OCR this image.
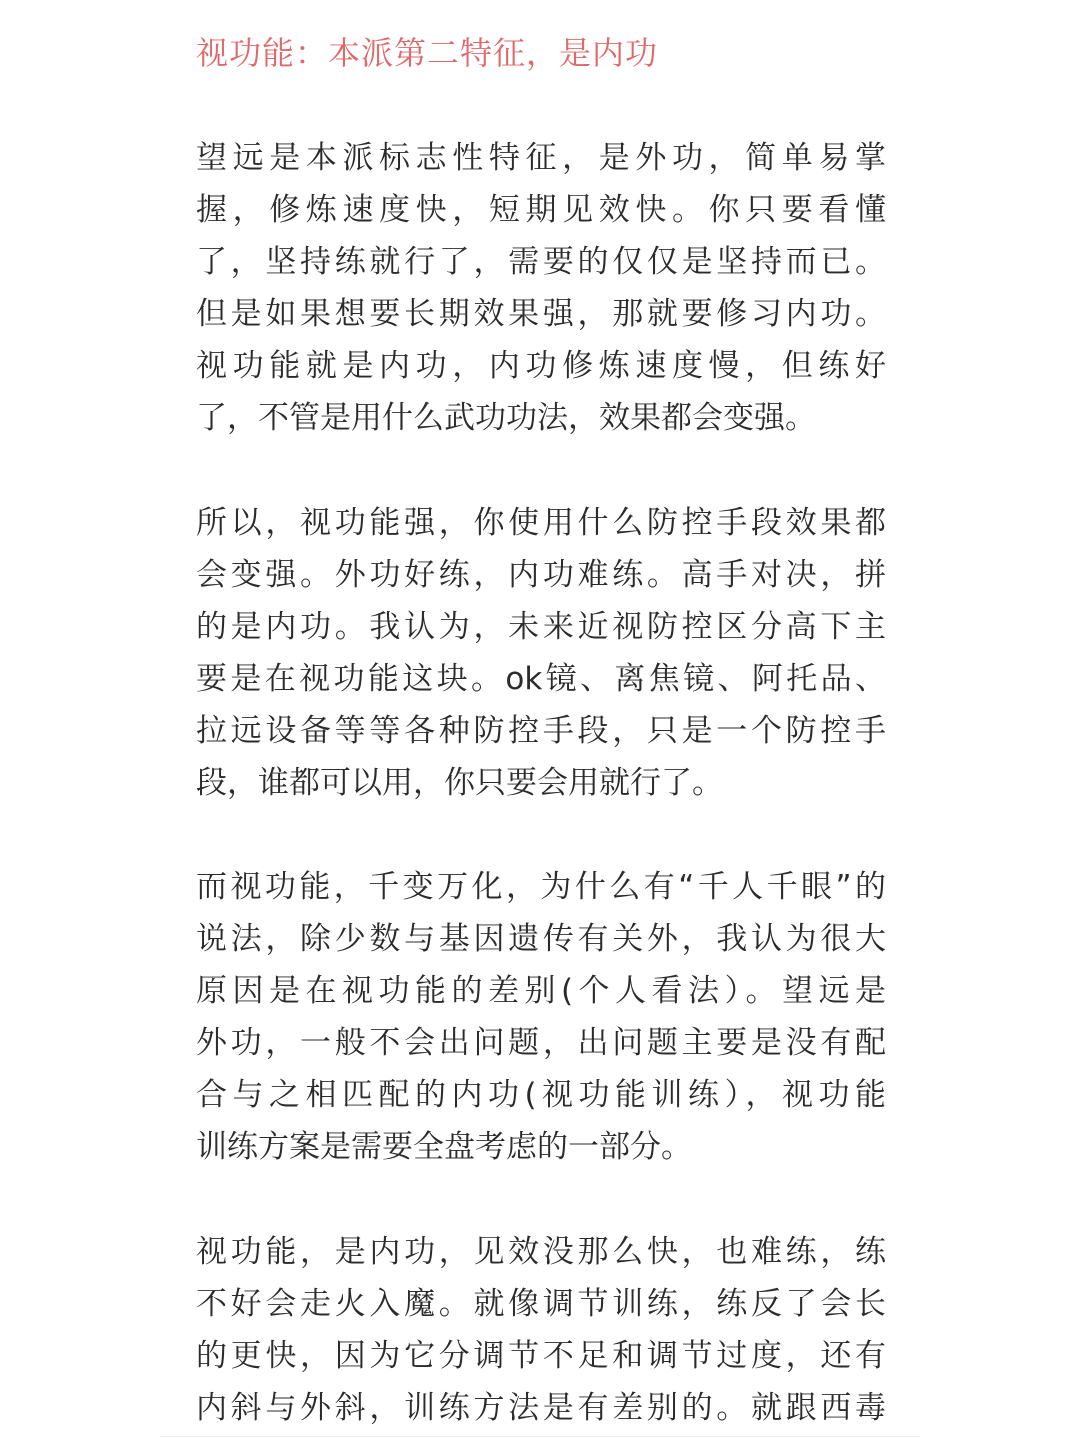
视功能：本派第二特征，是内功

望远是本派标志性特征，是外功，简单易掌
握，修炼速度快，短期见效快。你只要看懂
了，坚持练就行了，需要的仅仅是坚持而已。
但是如果想要长期效果强，那就要修习内功。
视功能就是内功，内功修炼速度慢，但练好
了，不管是用什么武功功法，效果都会变强。

所以，视功能强，你使用什么防控手段效果都
会变强。外功好练，内功难练。高手对决，拼
的是内功。我认为，未来近视防控区分高下主
要是在视功能这块。ok镜、离焦镜、阿托品、
拉远设备等等各种防控手段，只是一个防控手
段，谁都可以用，你只要会用就行了。

而视功能，千变万化，为什么有“千人千眼”的
说法，除少数与基因遗传有关外，我认为很大
原因是在视功能的差别(个人看法）。望远是
外功，一般不会出问题，出问题主要是没有配
合与之相匹配的内功(视功能训练），视功能
训练方案是需要全盘考虑的一部分。

视功能，是内功，见效没那么快，也难练，练
不好会走火入魔。就像调节训练，练反了会长
的更快，因为它分调节不足和调节过度，还有
内斜与外斜，训练方法是有差别的。就跟西毒
